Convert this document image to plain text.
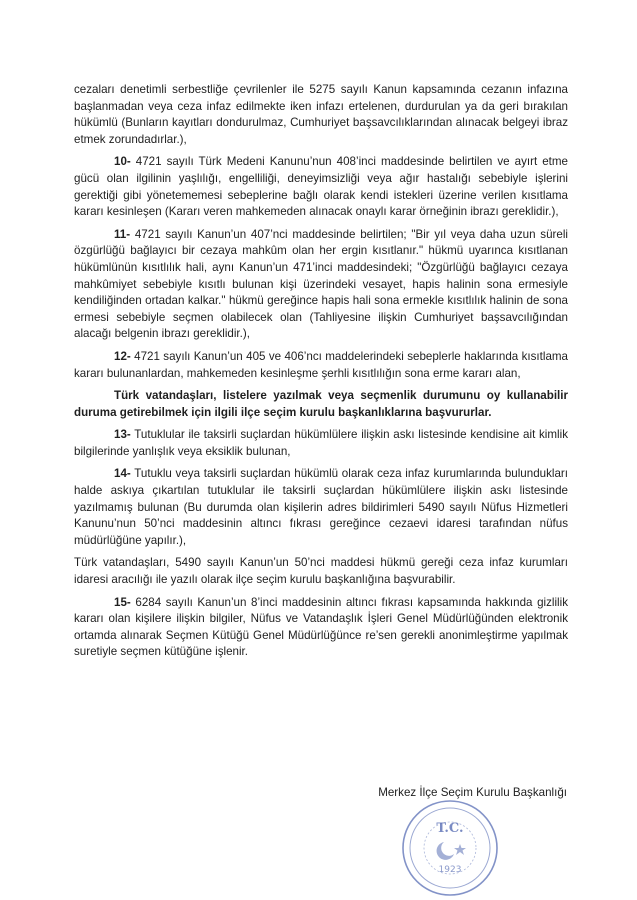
cezaları denetimli serbestliğe çevrilenler ile 5275 sayılı Kanun kapsamında cezanın infazına başlanmadan veya ceza infaz edilmekte iken infazı ertelenen, durdurulan ya da geri bırakılan hükümlü (Bunların kayıtları dondurulmaz, Cumhuriyet başsavcılıklarından alınacak belgeyi ibraz etmek zorundadırlar.),

10- 4721 sayılı Türk Medeni Kanunu’nun 408’inci maddesinde belirtilen ve ayırt etme gücü olan ilgilinin yaşlılığı, engelliliği, deneyimsizliği veya ağır hastalığı sebebiyle işlerini gerektiği gibi yönetememesi sebeplerine bağlı olarak kendi istekleri üzerine verilen kısıtlama kararı kesinleşen (Kararı veren mahkemeden alınacak onaylı karar örneğinin ibrazı gereklidir.),

11- 4721 sayılı Kanun’un 407’nci maddesinde belirtilen; "Bir yıl veya daha uzun süreli özgürlüğü bağlayıcı bir cezaya mahkûm olan her ergin kısıtlanır." hükmü uyarınca kısıtlanan hükümlünün kısıtlılık hali, aynı Kanun’un 471’inci maddesindeki; "Özgürlüğü bağlayıcı cezaya mahkûmiyet sebebiyle kısıtlı bulunan kişi üzerindeki vesayet, hapis halinin sona ermesiyle kendiliğinden ortadan kalkar." hükmü gereğince hapis hali sona ermekle kısıtlılık halinin de sona ermesi sebebiyle seçmen olabilecek olan (Tahliyesine ilişkin Cumhuriyet başsavcılığından alacağı belgenin ibrazı gereklidir.),

12- 4721 sayılı Kanun’un 405 ve 406’ncı maddelerindeki sebeplerle haklarında kısıtlama kararı bulunanlardan, mahkemeden kesinleşme şerhli kısıtlılığın sona erme kararı alan,

Türk vatandaşları, listelere yazılmak veya seçmenlik durumunu oy kullanabilir duruma getirebilmek için ilgili ilçe seçim kurulu başkanlıklarına başvururlar.

13- Tutuklular ile taksirli suçlardan hükümlülere ilişkin askı listesinde kendisine ait kimlik bilgilerinde yanlışlık veya eksiklik bulunan,

14- Tutuklu veya taksirli suçlardan hükümlü olarak ceza infaz kurumlarında bulundukları halde askıya çıkartılan tutuklular ile taksirli suçlardan hükümlülere ilişkin askı listesinde yazılmamış bulunan (Bu durumda olan kişilerin adres bildirimleri 5490 sayılı Nüfus Hizmetleri Kanunu’nun 50’nci maddesinin altıncı fıkrası gereğince cezaevi idaresi tarafından nüfus müdürlüğüne yapılır.),

Türk vatandaşları, 5490 sayılı Kanun’un 50’nci maddesi hükmü gereği ceza infaz kurumları idaresi aracılığı ile yazılı olarak ilçe seçim kurulu başkanlığına başvurabilir.

15- 6284 sayılı Kanun’un 8’inci maddesinin altıncı fıkrası kapsamında hakkında gizlilik kararı olan kişilere ilişkin bilgiler, Nüfus ve Vatandaşlık İşleri Genel Müdürlüğünden elektronik ortamda alınarak Seçmen Kütüğü Genel Müdürlüğünce re’sen gerekli anonimleştirme yapılmak suretiyle seçmen kütüğüne işlenir.

Merkez İlçe Seçim Kurulu Başkanlığı
T.C.
1923
